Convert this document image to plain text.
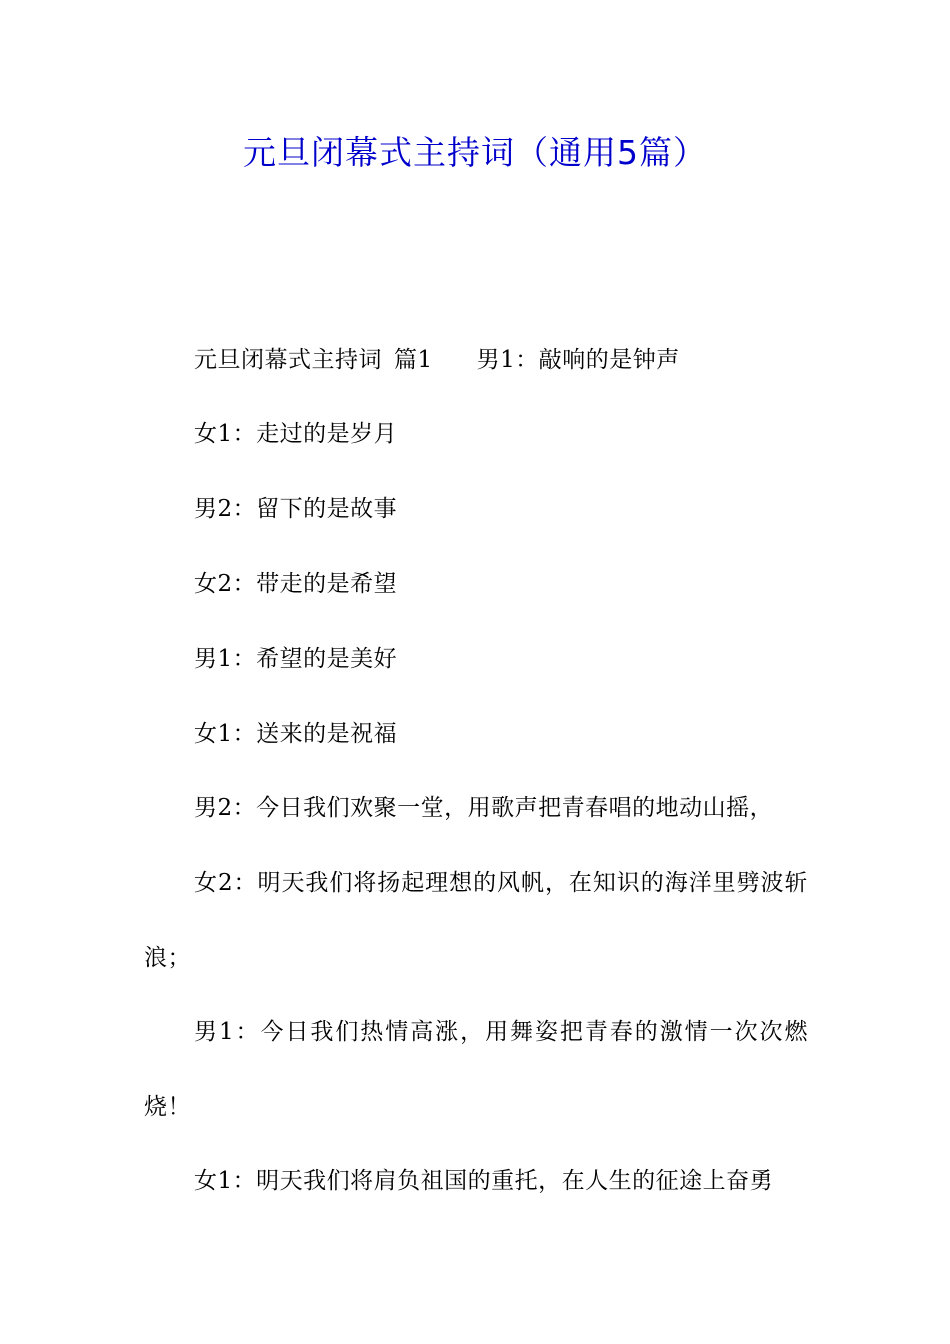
元旦闭幕式主持词（通用5篇）
元旦闭幕式主持词 篇1 男1：敲响的是钟声
女1：走过的是岁月
男2：留下的是故事
女2：带走的是希望
男1：希望的是美好
女1：送来的是祝福
男2：今日我们欢聚一堂，用歌声把青春唱的地动山摇，
女2：明天我们将扬起理想的风帆，在知识的海洋里劈波斩浪；
男1：今日我们热情高涨，用舞姿把青春的激情一次次燃烧！
女1：明天我们将肩负祖国的重托，在人生的征途上奋勇
